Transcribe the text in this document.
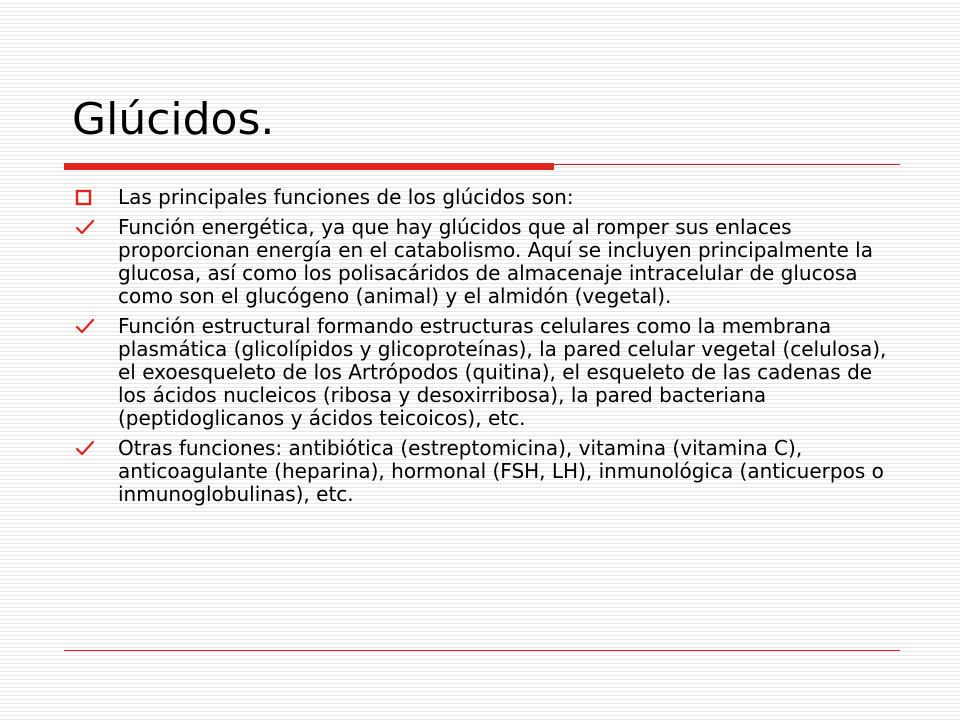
Glúcidos.
Las principales funciones de los glúcidos son:
Función energética, ya que hay glúcidos que al romper sus enlaces proporcionan energía en el catabolismo. Aquí se incluyen principalmente la glucosa, así como los polisacáridos de almacenaje intracelular de glucosa como son el glucógeno (animal) y el almidón (vegetal).
Función estructural formando estructuras celulares como la membrana plasmática (glicolípidos y glicoproteínas), la pared celular vegetal (celulosa), el exoesqueleto de los Artrópodos (quitina), el esqueleto de las cadenas de los ácidos nucleicos (ribosa y desoxirribosa), la pared bacteriana (peptidoglicanos y ácidos teicoicos), etc.
Otras funciones: antibiótica (estreptomicina), vitamina (vitamina C), anticoagulante (heparina), hormonal (FSH, LH), inmunológica (anticuerpos o inmunoglobulinas), etc.
